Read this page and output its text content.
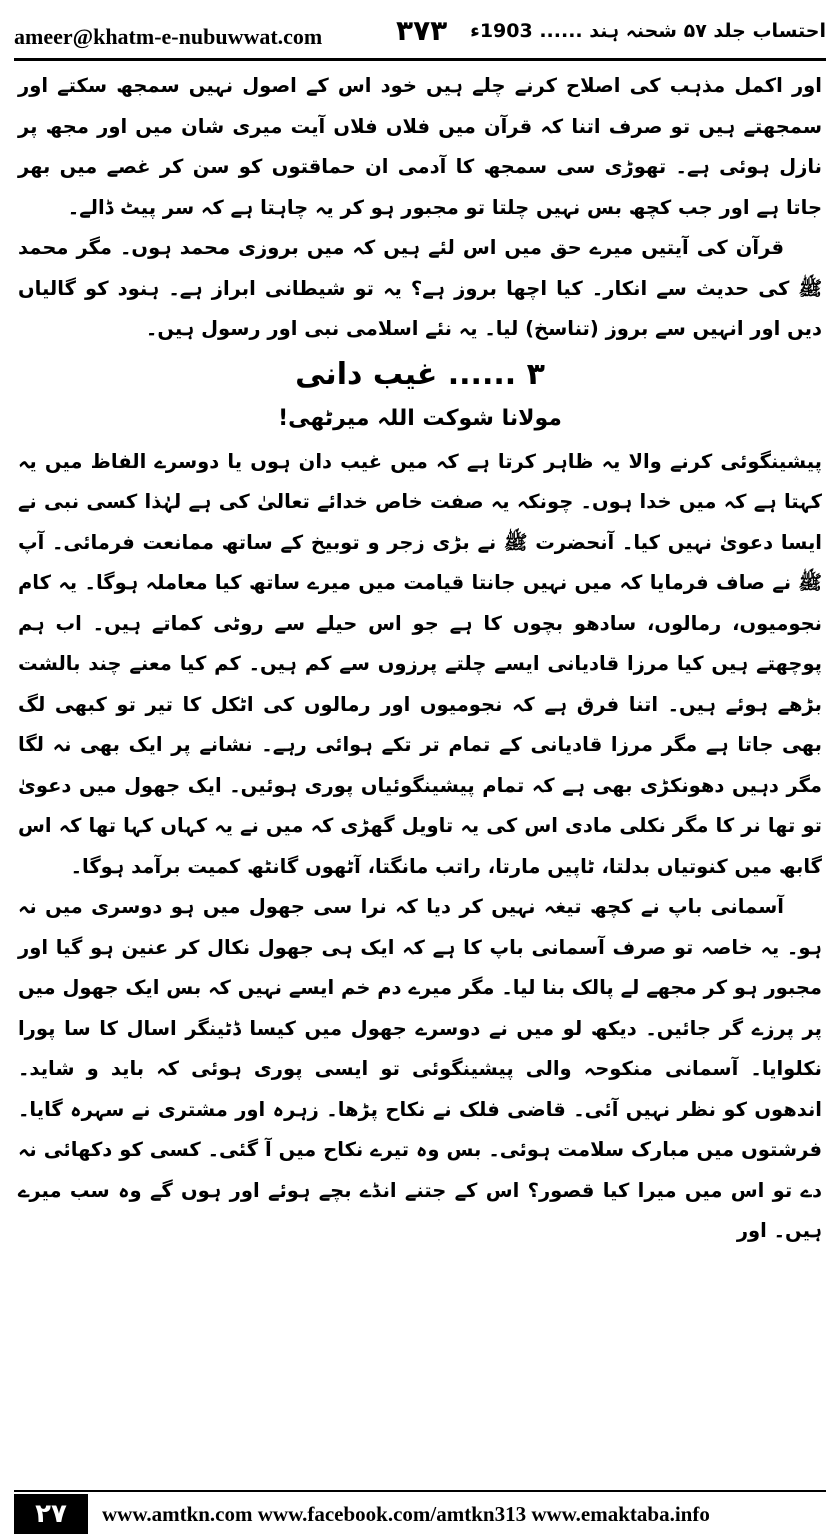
ameer@khatm-e-nubuwwat.com	۳۷۳ احتساب جلد ۵۷ شحنہ ہند ...... 1903ء

اور اکمل مذہب کی اصلاح کرنے چلے ہیں خود اس کے اصول نہیں سمجھ سکتے اور سمجھتے ہیں تو صرف اتنا کہ قرآن میں فلاں فلاں آیت میری شان میں اور مجھ پر نازل ہوئی ہے۔ تھوڑی سی سمجھ کا آدمی ان حماقتوں کو سن کر غصے میں بھر جاتا ہے اور جب کچھ بس نہیں چلتا تو مجبور ہو کر یہ چاہتا ہے کہ سر پیٹ ڈالے۔

قرآن کی آیتیں میرے حق میں اس لئے ہیں کہ میں بروزی محمد ہوں۔ مگر محمد ﷺ کی حدیث سے انکار۔ کیا اچھا بروز ہے؟ یہ تو شیطانی ابراز ہے۔ ہنود کو گالیاں دیں اور انہیں سے بروز (تناسخ) لیا۔ یہ نئے اسلامی نبی اور رسول ہیں۔

۳ ...... غیب دانی
مولانا شوکت اللہ میرٹھی!

پیشینگوئی کرنے والا یہ ظاہر کرتا ہے کہ میں غیب دان ہوں یا دوسرے الفاظ میں یہ کہتا ہے کہ میں خدا ہوں۔ چونکہ یہ صفت خاص خدائے تعالیٰ کی ہے لہٰذا کسی نبی نے ایسا دعویٰ نہیں کیا۔ آنحضرت ﷺ نے بڑی زجر و توبیخ کے ساتھ ممانعت فرمائی۔ آپ ﷺ نے صاف فرمایا کہ میں نہیں جانتا قیامت میں میرے ساتھ کیا معاملہ ہوگا۔ یہ کام نجومیوں، رمالوں، سادھو بچوں کا ہے جو اس حیلے سے روٹی کماتے ہیں۔ اب ہم پوچھتے ہیں کیا مرزا قادیانی ایسے چلتے پرزوں سے کم ہیں۔ کم کیا معنے چند بالشت بڑھے ہوئے ہیں۔ اتنا فرق ہے کہ نجومیوں اور رمالوں کی اٹکل کا تیر تو کبھی لگ بھی جاتا ہے مگر مرزا قادیانی کے تمام تر تکے ہوائی رہے۔ نشانے پر ایک بھی نہ لگا مگر دہیں دھونکڑی بھی ہے کہ تمام پیشینگوئیاں پوری ہوئیں۔ ایک جھول میں دعویٰ تو تھا نر کا مگر نکلی مادی اس کی یہ تاویل گھڑی کہ میں نے یہ کہاں کہا تھا کہ اس گابھ میں کنوتیاں بدلتا، ٹاپیں مارتا، راتب مانگتا، آٹھوں گانٹھ کمیت برآمد ہوگا۔

آسمانی باپ نے کچھ تیغہ نہیں کر دیا کہ نرا سی جھول میں ہو دوسری میں نہ ہو۔ یہ خاصہ تو صرف آسمانی باپ کا ہے کہ ایک ہی جھول نکال کر عنین ہو گیا اور مجبور ہو کر مجھے لے پالک بنا لیا۔ مگر میرے دم خم ایسے نہیں کہ بس ایک جھول میں پر پرزے گر جائیں۔ دیکھ لو میں نے دوسرے جھول میں کیسا ڈٹینگر اسال کا سا پورا نکلوایا۔ آسمانی منکوحہ والی پیشینگوئی تو ایسی پوری ہوئی کہ باید و شاید۔ اندھوں کو نظر نہیں آئی۔ قاضی فلک نے نکاح پڑھا۔ زہرہ اور مشتری نے سہرہ گایا۔ فرشتوں میں مبارک سلامت ہوئی۔ بس وہ تیرے نکاح میں آ گئی۔ کسی کو دکھائی نہ دے تو اس میں میرا کیا قصور؟ اس کے جتنے انڈے بچے ہوئے اور ہوں گے وہ سب میرے ہیں۔ اور

۲۷	www.amtkn.com www.facebook.com/amtkn313 www.emaktaba.info
